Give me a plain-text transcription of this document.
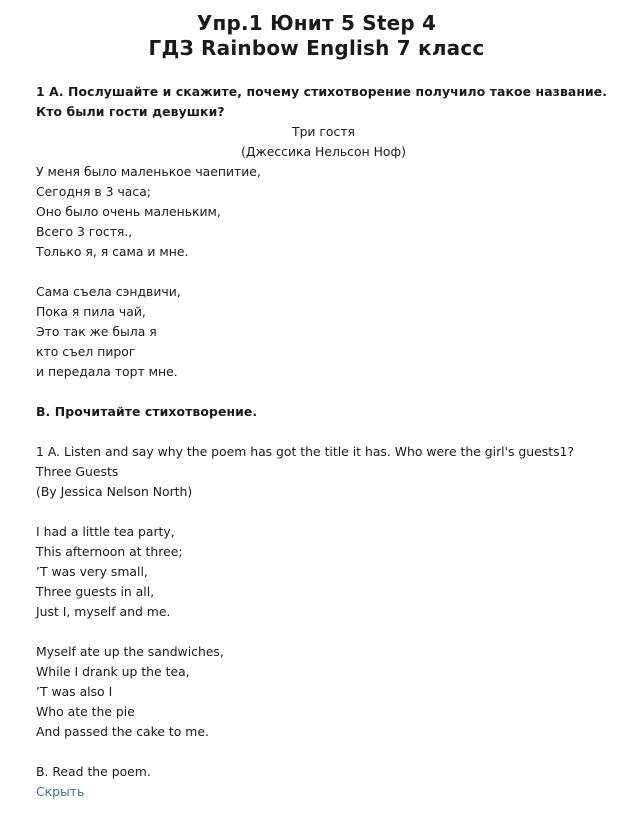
Упр.1 Юнит 5 Step 4
ГДЗ Rainbow English 7 класс

1 А. Послушайте и скажите, почему стихотворение получило такое название. Кто были гости девушки?

Три гостя

(Джессика Нельсон Ноф)

У меня было маленькое чаепитие,

Сегодня в 3 часа;

Оно было очень маленьким,

Всего 3 гостя.,

Только я, я сама и мне.

Сама съела сэндвичи,

Пока я пила чай,

Это так же была я

кто съел пирог

и передала торт мне.

B. Прочитайте стихотворение.

1 A. Listen and say why the poem has got the title it has. Who were the girl's guests1?

Three Guests

(By Jessica Nelson North)

I had a little tea party,

This afternoon at three;

’T was very small,

Three guests in all,

Just I, myself and me.

Myself ate up the sandwiches,

While I drank up the tea,

’T was also I

Who ate the pie

And passed the cake to me.

B. Read the poem.

Скрыть
